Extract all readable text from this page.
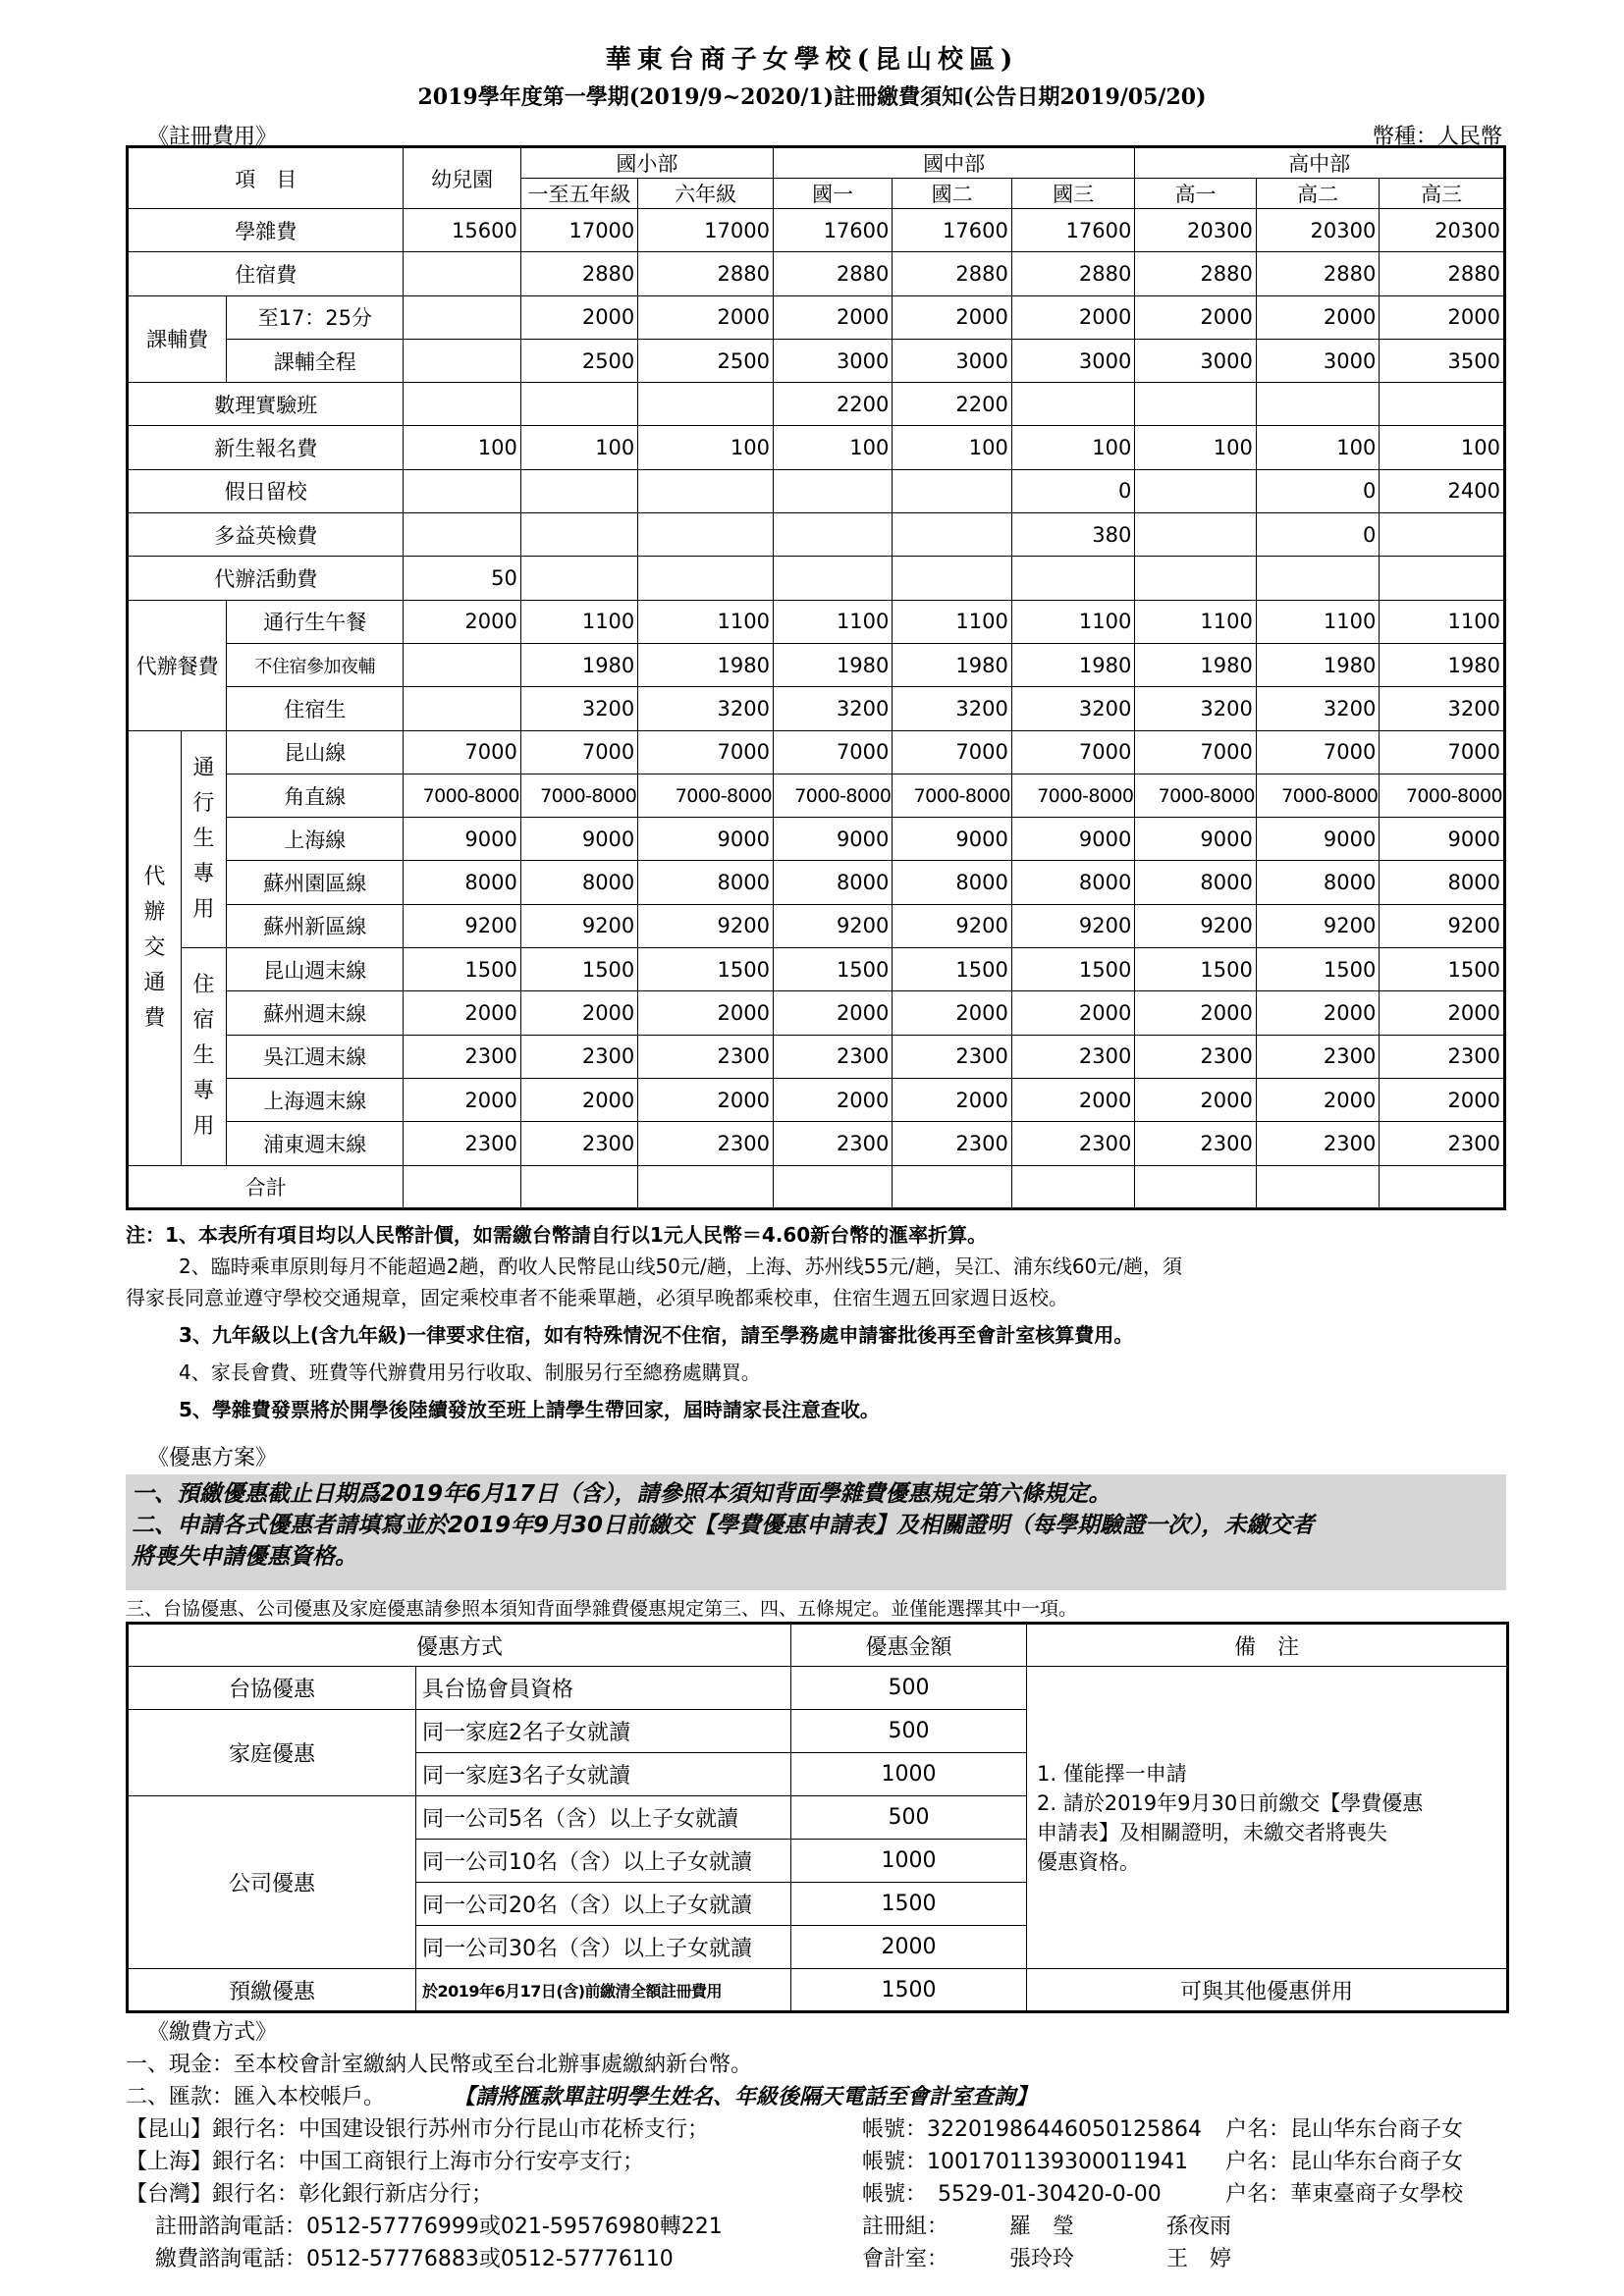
華東台商子女學校(昆山校區)
2019學年度第一學期(2019/9~2020/1)註冊繳費須知(公告日期2019/05/20)
《註冊費用》	幣種：人民幣
項　目			幼兒園	國小部		國中部			高中部		
				一至五年級	六年級	國一	國二	國三	高一	高二	高三
學雜費			15600	17000	17000	17600	17600	17600	20300	20300	20300
住宿費				2880	2880	2880	2880	2880	2880	2880	2880
課輔費		至17：25分		2000	2000	2000	2000	2000	2000	2000	2000
		課輔全程		2500	2500	3000	3000	3000	3000	3000	3500
數理實驗班						2200	2200				
新生報名費			100	100	100	100	100	100	100	100	100
假日留校								0		0	2400
多益英檢費								380		0	
代辦活動費			50								
代辦餐費		通行生午餐	2000	1100	1100	1100	1100	1100	1100	1100	1100
		不住宿參加夜輔		1980	1980	1980	1980	1980	1980	1980	1980
		住宿生		3200	3200	3200	3200	3200	3200	3200	3200
代辦交通費	通行生專用	昆山線	7000	7000	7000	7000	7000	7000	7000	7000	7000
		角直線	7000-8000	7000-8000	7000-8000	7000-8000	7000-8000	7000-8000	7000-8000	7000-8000	7000-8000
		上海線	9000	9000	9000	9000	9000	9000	9000	9000	9000
		蘇州園區線	8000	8000	8000	8000	8000	8000	8000	8000	8000
		蘇州新區線	9200	9200	9200	9200	9200	9200	9200	9200	9200
	住宿生專用	昆山週末線	1500	1500	1500	1500	1500	1500	1500	1500	1500
		蘇州週末線	2000	2000	2000	2000	2000	2000	2000	2000	2000
		吳江週末線	2300	2300	2300	2300	2300	2300	2300	2300	2300
		上海週末線	2000	2000	2000	2000	2000	2000	2000	2000	2000
		浦東週末線	2300	2300	2300	2300	2300	2300	2300	2300	2300
合計											
注：1、本表所有項目均以人民幣計價，如需繳台幣請自行以1元人民幣＝4.60新台幣的滙率折算。
2、臨時乘車原則每月不能超過2趟，酌收人民幣昆山线50元/趟，上海、苏州线55元/趟，吴江、浦东线60元/趟，須
得家長同意並遵守學校交通規章，固定乘校車者不能乘單趟，必須早晚都乘校車，住宿生週五回家週日返校。
3、九年級以上(含九年級)一律要求住宿，如有特殊情況不住宿，請至學務處申請審批後再至會計室核算費用。
4、家長會費、班費等代辦費用另行收取、制服另行至總務處購買。
5、學雜費發票將於開學後陸續發放至班上請學生帶回家，屆時請家長注意查收。
《優惠方案》
一、預繳優惠截止日期爲2019年6月17日（含），請參照本須知背面學雜費優惠規定第六條規定。
二、申請各式優惠者請填寫並於2019年9月30日前繳交【學費優惠申請表】及相關證明（每學期驗證一次），未繳交者
將喪失申請優惠資格。
三、台協優惠、公司優惠及家庭優惠請參照本須知背面學雜費優惠規定第三、四、五條規定。並僅能選擇其中一項。
優惠方式		優惠金額	備　注
台協優惠	具台協會員資格	500	1. 僅能擇一申請
2. 請於2019年9月30日前繳交【學費優惠
申請表】及相關證明，未繳交者將喪失
優惠資格。

家庭優惠	同一家庭2名子女就讀	500	
	同一家庭3名子女就讀	1000	
公司優惠	同一公司5名（含）以上子女就讀	500	
	同一公司10名（含）以上子女就讀	1000	
	同一公司20名（含）以上子女就讀	1500	
	同一公司30名（含）以上子女就讀	2000	
預繳優惠	於2019年6月17日(含)前繳清全額註冊費用	1500	可與其他優惠併用
《繳費方式》
一、現金：至本校會計室繳納人民幣或至台北辦事處繳納新台幣。
二、匯款：匯入本校帳戶。	【請將匯款單註明學生姓名、年級後隔天電話至會計室查詢】
【昆山】銀行名：中国建设银行苏州市分行昆山市花桥支行；	帳號：32201986446050125864 户名：昆山华东台商子女
【上海】銀行名：中国工商银行上海市分行安亭支行；	帳號：1001701139300011941 户名：昆山华东台商子女
【台灣】銀行名：彰化銀行新店分行；	帳號：　5529-01-30420-0-00	户名：華東臺商子女學校
註冊諮詢電話：0512-57776999或021-59576980轉221	註冊組：	羅　瑩	孫夜雨
繳費諮詢電話：0512-57776883或0512-57776110	會計室：	張玲玲	王　婷
